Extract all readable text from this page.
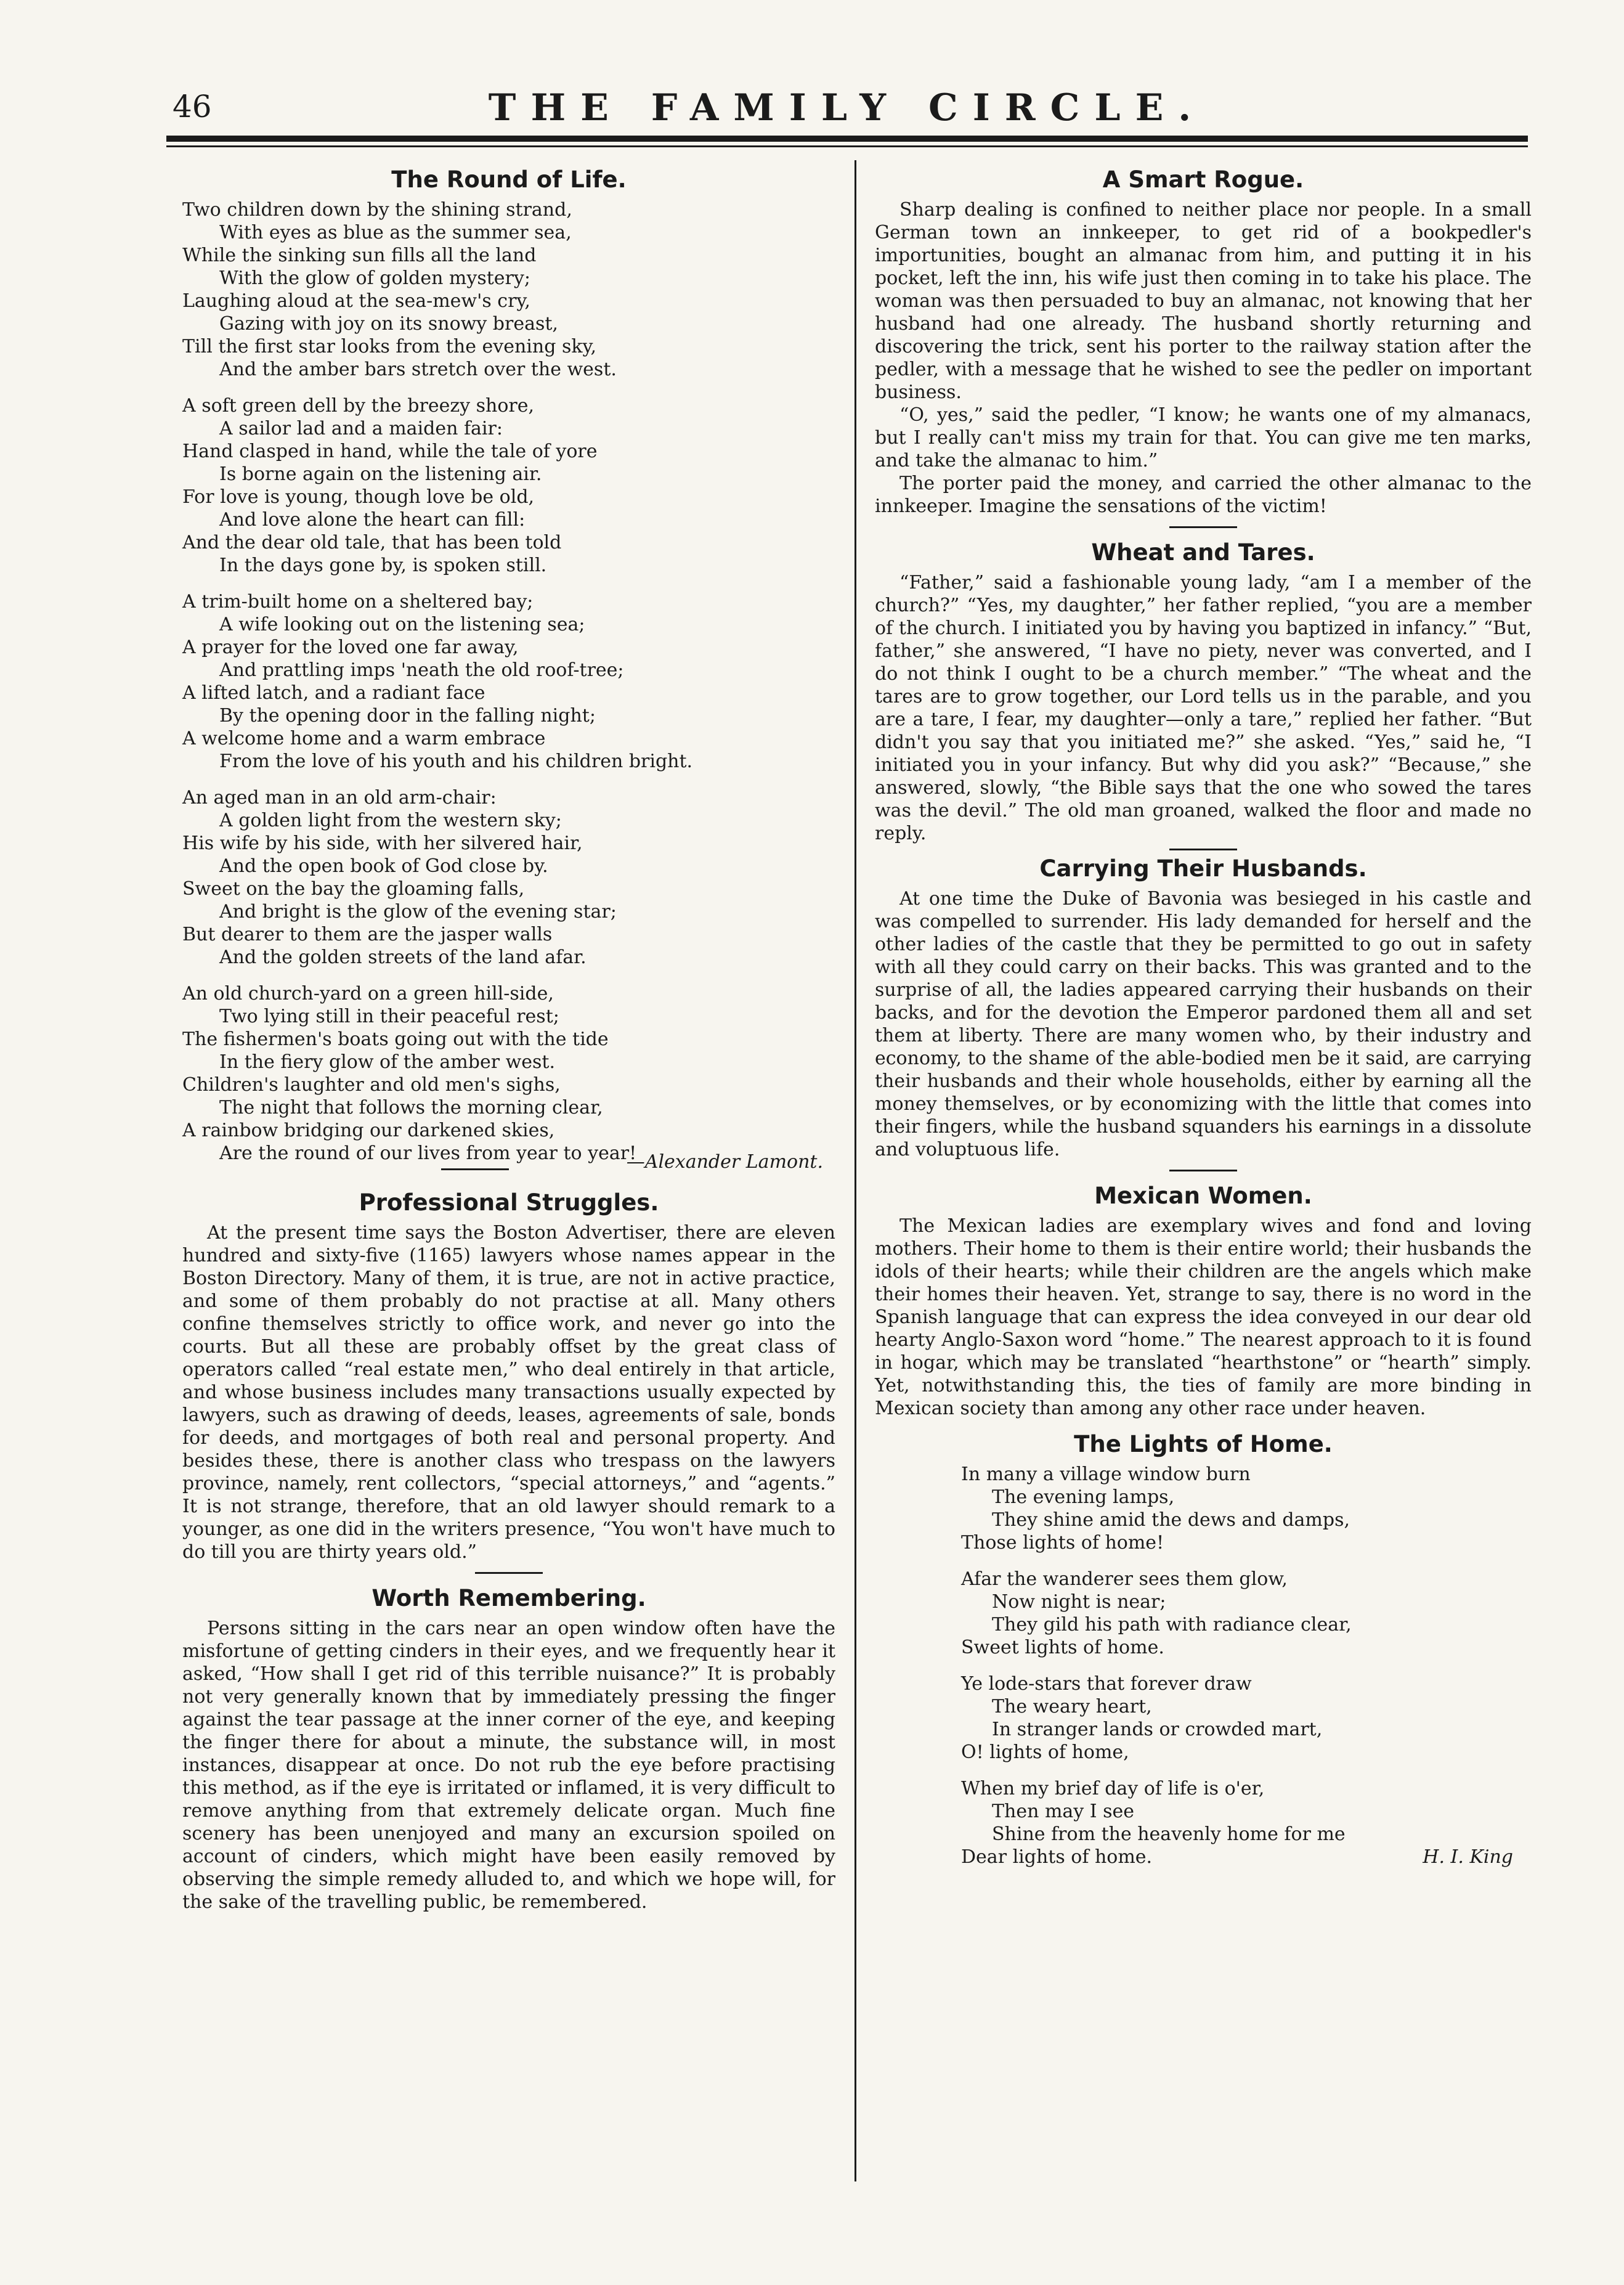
46	THE FAMILY CIRCLE.
The Round of Life.
Two children down by the shining strand,
With eyes as blue as the summer sea,
While the sinking sun fills all the land
With the glow of golden mystery;
Laughing aloud at the sea-mew's cry,
Gazing with joy on its snowy breast,
Till the first star looks from the evening sky,
And the amber bars stretch over the west.
A soft green dell by the breezy shore,
A sailor lad and a maiden fair:
Hand clasped in hand, while the tale of yore
Is borne again on the listening air.
For love is young, though love be old,
And love alone the heart can fill:
And the dear old tale, that has been told
In the days gone by, is spoken still.
A trim-built home on a sheltered bay;
A wife looking out on the listening sea;
A prayer for the loved one far away,
And prattling imps 'neath the old roof-tree;
A lifted latch, and a radiant face
By the opening door in the falling night;
A welcome home and a warm embrace
From the love of his youth and his children bright.
An aged man in an old arm-chair:
A golden light from the western sky;
His wife by his side, with her silvered hair,
And the open book of God close by.
Sweet on the bay the gloaming falls,
And bright is the glow of the evening star;
But dearer to them are the jasper walls
And the golden streets of the land afar.
An old church-yard on a green hill-side,
Two lying still in their peaceful rest;
The fishermen's boats going out with the tide
In the fiery glow of the amber west.
Children's laughter and old men's sighs,
The night that follows the morning clear,
A rainbow bridging our darkened skies,
Are the round of our lives from year to year!
—Alexander Lamont.
Professional Struggles.

At the present time says the Boston Advertiser, there are eleven hundred and sixty-five (1165) lawyers whose names appear in the Boston Directory. Many of them, it is true, are not in active practice, and some of them probably do not practise at all. Many others confine themselves strictly to office work, and never go into the courts. But all these are probably offset by the great class of operators called “real estate men,” who deal entirely in that article, and whose business includes many transactions usually expected by lawyers, such as drawing of deeds, leases, agreements of sale, bonds for deeds, and mortgages of both real and personal property. And besides these, there is another class who trespass on the lawyers province, namely, rent collectors, “special attorneys,” and “agents.” It is not strange, therefore, that an old lawyer should remark to a younger, as one did in the writers presence, “You won't have much to do till you are thirty years old.”

Worth Remembering.

Persons sitting in the cars near an open window often have the misfortune of getting cinders in their eyes, and we frequently hear it asked, “How shall I get rid of this terrible nuisance?” It is probably not very generally known that by immediately pressing the finger against the tear passage at the inner corner of the eye, and keeping the finger there for about a minute, the substance will, in most instances, disappear at once. Do not rub the eye before practising this method, as if the eye is irritated or inflamed, it is very difficult to remove anything from that extremely delicate organ. Much fine scenery has been unenjoyed and many an excursion spoiled on account of cinders, which might have been easily removed by observing the simple remedy alluded to, and which we hope will, for the sake of the travelling public, be remembered.

A Smart Rogue.

Sharp dealing is confined to neither place nor people. In a small German town an innkeeper, to get rid of a bookpedler's importunities, bought an almanac from him, and putting it in his pocket, left the inn, his wife just then coming in to take his place. The woman was then persuaded to buy an almanac, not knowing that her husband had one already. The husband shortly returning and discovering the trick, sent his porter to the railway station after the pedler, with a message that he wished to see the pedler on important business.

“O, yes,” said the pedler, “I know; he wants one of my almanacs, but I really can't miss my train for that. You can give me ten marks, and take the almanac to him.”

The porter paid the money, and carried the other almanac to the innkeeper. Imagine the sensations of the victim!

Wheat and Tares.

“Father,” said a fashionable young lady, “am I a member of the church?” “Yes, my daughter,” her father replied, “you are a member of the church. I initiated you by having you baptized in infancy.” “But, father,” she answered, “I have no piety, never was converted, and I do not think I ought to be a church member.” “The wheat and the tares are to grow together, our Lord tells us in the parable, and you are a tare, I fear, my daughter—only a tare,” replied her father. “But didn't you say that you initiated me?” she asked. “Yes,” said he, “I initiated you in your infancy. But why did you ask?” “Because,” she answered, slowly, “the Bible says that the one who sowed the tares was the devil.” The old man groaned, walked the floor and made no reply.

Carrying Their Husbands.

At one time the Duke of Bavonia was besieged in his castle and was compelled to surrender. His lady demanded for herself and the other ladies of the castle that they be permitted to go out in safety with all they could carry on their backs. This was granted and to the surprise of all, the ladies appeared carrying their husbands on their backs, and for the devotion the Emperor pardoned them all and set them at liberty. There are many women who, by their industry and economy, to the shame of the able-bodied men be it said, are carrying their husbands and their whole households, either by earning all the money themselves, or by economizing with the little that comes into their fingers, while the husband squanders his earnings in a dissolute and voluptuous life.

Mexican Women.

The Mexican ladies are exemplary wives and fond and loving mothers. Their home to them is their entire world; their husbands the idols of their hearts; while their children are the angels which make their homes their heaven. Yet, strange to say, there is no word in the Spanish language that can express the idea conveyed in our dear old hearty Anglo-Saxon word “home.” The nearest approach to it is found in hogar, which may be translated “hearthstone” or “hearth” simply. Yet, notwithstanding this, the ties of family are more binding in Mexican society than among any other race under heaven.

The Lights of Home.
In many a village window burn
The evening lamps,
They shine amid the dews and damps,
Those lights of home!
Afar the wanderer sees them glow,
Now night is near;
They gild his path with radiance clear,
Sweet lights of home.
Ye lode-stars that forever draw
The weary heart,
In stranger lands or crowded mart,
O! lights of home,
When my brief day of life is o'er,
Then may I see
Shine from the heavenly home for me
Dear lights of home.	H. I. King
